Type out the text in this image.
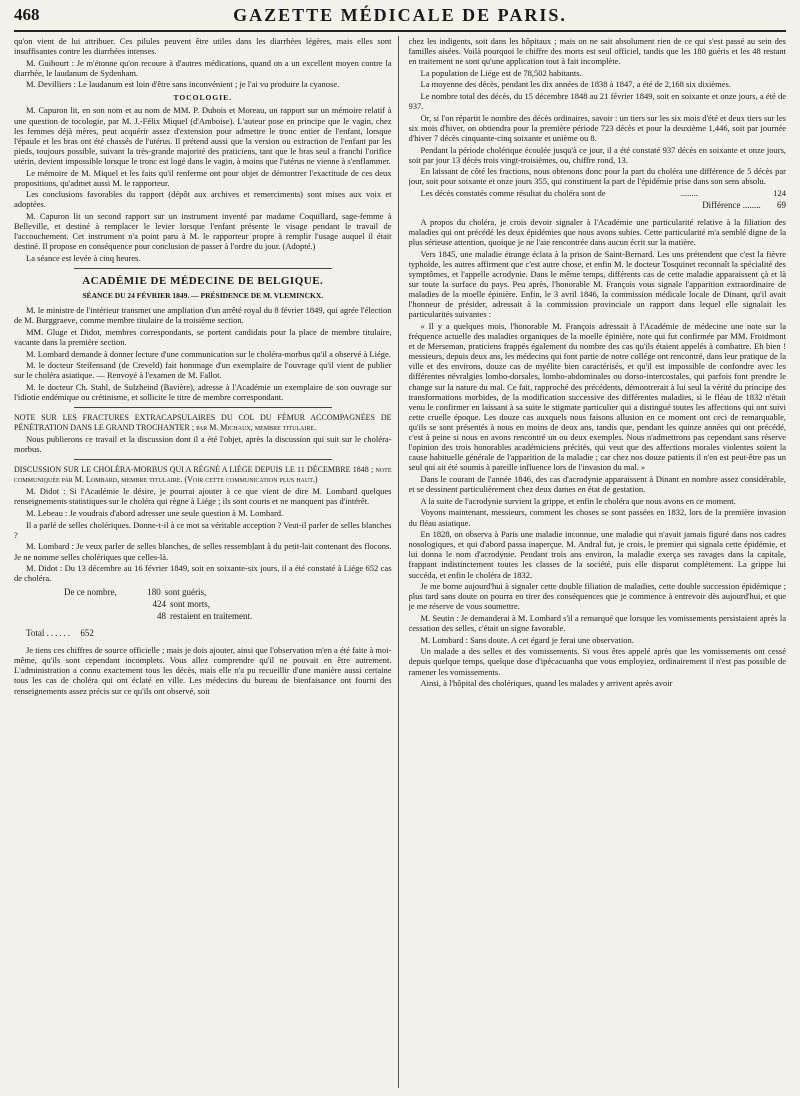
468	GAZETTE MÉDICALE DE PARIS.

qu'on vient de lui attribuer. Ces pilules peuvent être utiles dans les diarrhées légères, mais elles sont insuffisantes contre les diarrhées intenses.

M. Guibourt : Je m'étonne qu'on recoure à d'autres médications, quand on a un excellent moyen contre la diarrhée, le laudanum de Sydenham.

M. Devilliers : Le laudanum est loin d'être sans inconvénient ; je l'ai vu produire la cyanose.

TOCOLOGIE.

M. Capuron lit, en son nom et au nom de MM. P. Dubois et Moreau, un rapport sur un mémoire relatif à une question de tocologie, par M. J.-Félix Miquel (d'Amboise). L'auteur pose en principe que le vagin, chez les femmes déjà mères, peut acquérir assez d'extension pour admettre le tronc entier de l'enfant, lorsque l'épaule et les bras ont été chassés de l'utérus. Il prétend aussi que la version ou extraction de l'enfant par les pieds, toujours possible, suivant la très-grande majorité des praticiens, tant que le bras seul a franchi l'orifice utérin, devient impossible lorsque le tronc est logé dans le vagin, à moins que l'utérus ne vienne à s'enflammer.

Le mémoire de M. Miquel et les faits qu'il renferme ont pour objet de démontrer l'exactitude de ces deux propositions, qu'admet aussi M. le rapporteur.

Les conclusions favorables du rapport (dépôt aux archives et remerciments) sont mises aux voix et adoptées.

M. Capuron lit un second rapport sur un instrument inventé par madame Coquillard, sage-femme à Belleville, et destiné à remplacer le levier lorsque l'enfant présente le visage pendant le travail de l'accouchement. Cet instrument n'a point paru à M. le rapporteur propre à remplir l'usage auquel il était destiné. Il propose en conséquence pour conclusion de passer à l'ordre du jour. (Adopté.)

La séance est levée à cinq heures.

ACADÉMIE DE MÉDECINE DE BELGIQUE.
SÉANCE DU 24 FÉVRIER 1849. — PRÉSIDENCE DE M. VLEMINCKX.

M. le ministre de l'intérieur transmet une ampliation d'un arrêté royal du 8 février 1849, qui agrée l'élection de M. Burggraeve, comme membre titulaire de la troisième section.

MM. Gluge et Didot, membres correspondants, se portent candidats pour la place de membre titulaire, vacante dans la première section.

M. Lombard demande à donner lecture d'une communication sur le choléra-morbus qu'il a observé à Liége.

M. le docteur Steifensand (de Creveld) fait hommage d'un exemplaire de l'ouvrage qu'il vient de publier sur le choléra asiatique. — Renvoyé à l'examen de M. Fallot.

M. le docteur Ch. Stahl, de Sulzheind (Bavière), adresse à l'Académie un exemplaire de son ouvrage sur l'idiotie endémique ou crétinisme, et sollicite le titre de membre correspondant.

NOTE SUR LES FRACTURES EXTRACAPSULAIRES DU COL DU FÉMUR ACCOMPAGNÉES DE PÉNÉTRATION DANS LE GRAND TROCHANTER ; par M. Michaux, membre titulaire.

Nous publierons ce travail et la discussion dont il a été l'objet, après la discussion qui suit sur le choléra-morbus.

DISCUSSION SUR LE CHOLÉRA-MORBUS QUI A RÉGNÉ A LIÉGE DEPUIS LE 11 DÉCEMBRE 1848 ; note communiquée par M. Lombard, membre titulaire. (Voir cette communication plus haut.)

M. Didot : Si l'Académie le désire, je pourrai ajouter à ce que vient de dire M. Lombard quelques renseignements statistiques sur le choléra qui règne à Liége ; ils sont courts et ne manquent pas d'intérêt.

M. Lebeau : Je voudrais d'abord adresser une seule question à M. Lombard.

Il a parlé de selles cholériques. Donne-t-il à ce mot sa véritable acception ? Veut-il parler de selles blanches ?

M. Lombard : Je veux parler de selles blanches, de selles ressemblant à du petit-lait contenant des flocons. Je ne nomme selles cholériques que celles-là.

M. Didot : Du 13 décembre au 16 février 1849, soit en soixante-six jours, il a été constaté à Liége 652 cas de choléra.

De ce nombre,	180 sont guéris,
424 sont morts,
48 restaient en traitement.
Total ...... 652

Je tiens ces chiffres de source officielle ; mais je dois ajouter, ainsi que l'observation m'en a été faite à moi-même, qu'ils sont cependant incomplets. Vous allez comprendre qu'il ne pouvait en être autrement. L'administration a connu exactement tous les décès, mais elle n'a pu recueillir d'une manière aussi certaine tous les cas de choléra qui ont éclaté en ville. Les médecins du bureau de bienfaisance ont fourni des renseignements assez précis sur ce qu'ils ont observé, soit

chez les indigents, soit dans les hôpitaux ; mais on ne sait absolument rien de ce qui s'est passé au sein des familles aisées. Voilà pourquoi le chiffre des morts est seul officiel, tandis que les 180 guéris et les 48 restant en traitement ne sont qu'une application tout à fait incomplète.

La population de Liége est de 78,502 habitants.

La moyenne des décès, pendant les dix années de 1838 à 1847, a été de 2,168 six dixièmes.

Le nombre total des décès, du 15 décembre 1848 au 21 février 1849, soit en soixante et onze jours, a été de 937.

Or, si l'on répartit le nombre des décès ordinaires, savoir : un tiers sur les six mois d'été et deux tiers sur les six mois d'hiver, on obtiendra pour la première période 723 décès et pour la deuxième 1,446, soit par journée d'hiver 7 décès cinquante-cinq soixante et unième ou 8.

Pendant la période cholérique écoulée jusqu'à ce jour, il a été constaté 937 décès en soixante et onze jours, soit par jour 13 décès trois vingt-troisièmes, ou, chiffre rond, 13.

En laissant de côté les fractions, nous obtenons donc pour la part du choléra une différence de 5 décès par jour, soit pour soixante et onze jours 355, qui constituent la part de l'épidémie prise dans son sens absolu.

Les décès constatés comme résultat du choléra sont de	........	124

Différence ........ 69

A propos du choléra, je crois devoir signaler à l'Académie une particularité relative à la filiation des maladies qui ont précédé les deux épidémies que nous avons subies. Cette particularité m'a semblé digne de la plus sérieuse attention, quoique je ne l'aie rencontrée dans aucun écrit sur la matière.

Vers 1845, une maladie étrange éclata à la prison de Saint-Bernard. Les uns prétendent que c'est la fièvre typhoïde, les autres affirment que c'est autre chose, et enfin M. le docteur Tosquinet reconnaît la spécialité des symptômes, et l'appelle acrodynie. Dans le même temps, différents cas de cette maladie apparaissent çà et là sur toute la surface du pays. Peu après, l'honorable M. François vous signale l'apparition extraordinaire de maladies de la moelle épinière. Enfin, le 3 avril 1846, la commission médicale locale de Dinant, qu'il avait l'honneur de présider, adressait à la commission provinciale un rapport dans lequel elle signalait les particularités suivantes :

« Il y a quelques mois, l'honorable M. François adressait à l'Académie de médecine une note sur la fréquence actuelle des maladies organiques de la moelle épinière, note qui fut confirmée par MM. Froidmont et de Merseman, praticiens frappés également du nombre des cas qu'ils étaient appelés à combattre. Eh bien ! messieurs, depuis deux ans, les médecins qui font partie de notre collége ont rencontré, dans leur pratique de la ville et des environs, douze cas de myélite bien caractérisés, et qu'il est impossible de confondre avec les différentes névralgies lombo-dorsales, lombo-abdominales ou dorso-intercostales, qui parfois font prendre le change sur la nature du mal. Ce fait, rapproché des précédents, démontrerait à lui seul la vérité du principe des transformations morbides, de la modification successive des différentes maladies, si le fléau de 1832 n'était venu le confirmer en laissant à sa suite le stigmate particulier qui a distingué toutes les affections qui ont suivi cette cruelle époque. Les douze cas auxquels nous faisons allusion en ce moment ont ceci de remarquable, qu'ils se sont présentés à nous en moins de deux ans, tandis que, pendant les quinze années qui ont précédé, c'est à peine si nous en avons rencontré un ou deux exemples. Nous n'admettrons pas cependant sans réserve l'opinion des trois honorables académiciens précités, qui veut que des affections morales violentes soient la cause habituelle générale de l'apparition de la maladie ; car chez nos douze patients il n'en est peut-être pas un seul qui ait été soumis à pareille influence lors de l'invasion du mal. »

Dans le courant de l'année 1846, des cas d'acrodynie apparaissent à Dinant en nombre assez considérable, et se dessinent particulièrement chez deux dames en état de gestation.

A la suite de l'acrodynie survient la grippe, et enfin le choléra que nous avons en ce moment.

Voyons maintenant, messieurs, comment les choses se sont passées en 1832, lors de la première invasion du fléau asiatique.

En 1828, on observa à Paris une maladie inconnue, une maladie qui n'avait jamais figuré dans nos cadres nosologiques, et qui d'abord passa inaperçue. M. Andral fut, je crois, le premier qui signala cette épidémie, et lui donna le nom d'acrodynie. Pendant trois ans environ, la maladie exerça ses ravages dans la capitale, frappant indistinctement toutes les classes de la société, puis elle disparut complétement. La grippe lui succéda, et enfin le choléra de 1832.

Je me borne aujourd'hui à signaler cette double filiation de maladies, cette double succession épidémique ; plus tard sans doute on pourra en tirer des conséquences que je commence à entrevoir dès aujourd'hui, et que je me réserve de vous soumettre.

M. Seutin : Je demanderai à M. Lombard s'il a remarqué que lorsque les vomissements persistaient après la cessation des selles, c'était un signe favorable.

M. Lombard : Sans doute. A cet égard je ferai une observation.

Un malade a des selles et des vomissements. Si vous êtes appelé après que les vomissements ont cessé depuis quelque temps, quelque dose d'ipécacuanha que vous employiez, ordinairement il n'est pas possible de ramener les vomissements.

Ainsi, à l'hôpital des cholériques, quand les malades y arrivent après avoir
